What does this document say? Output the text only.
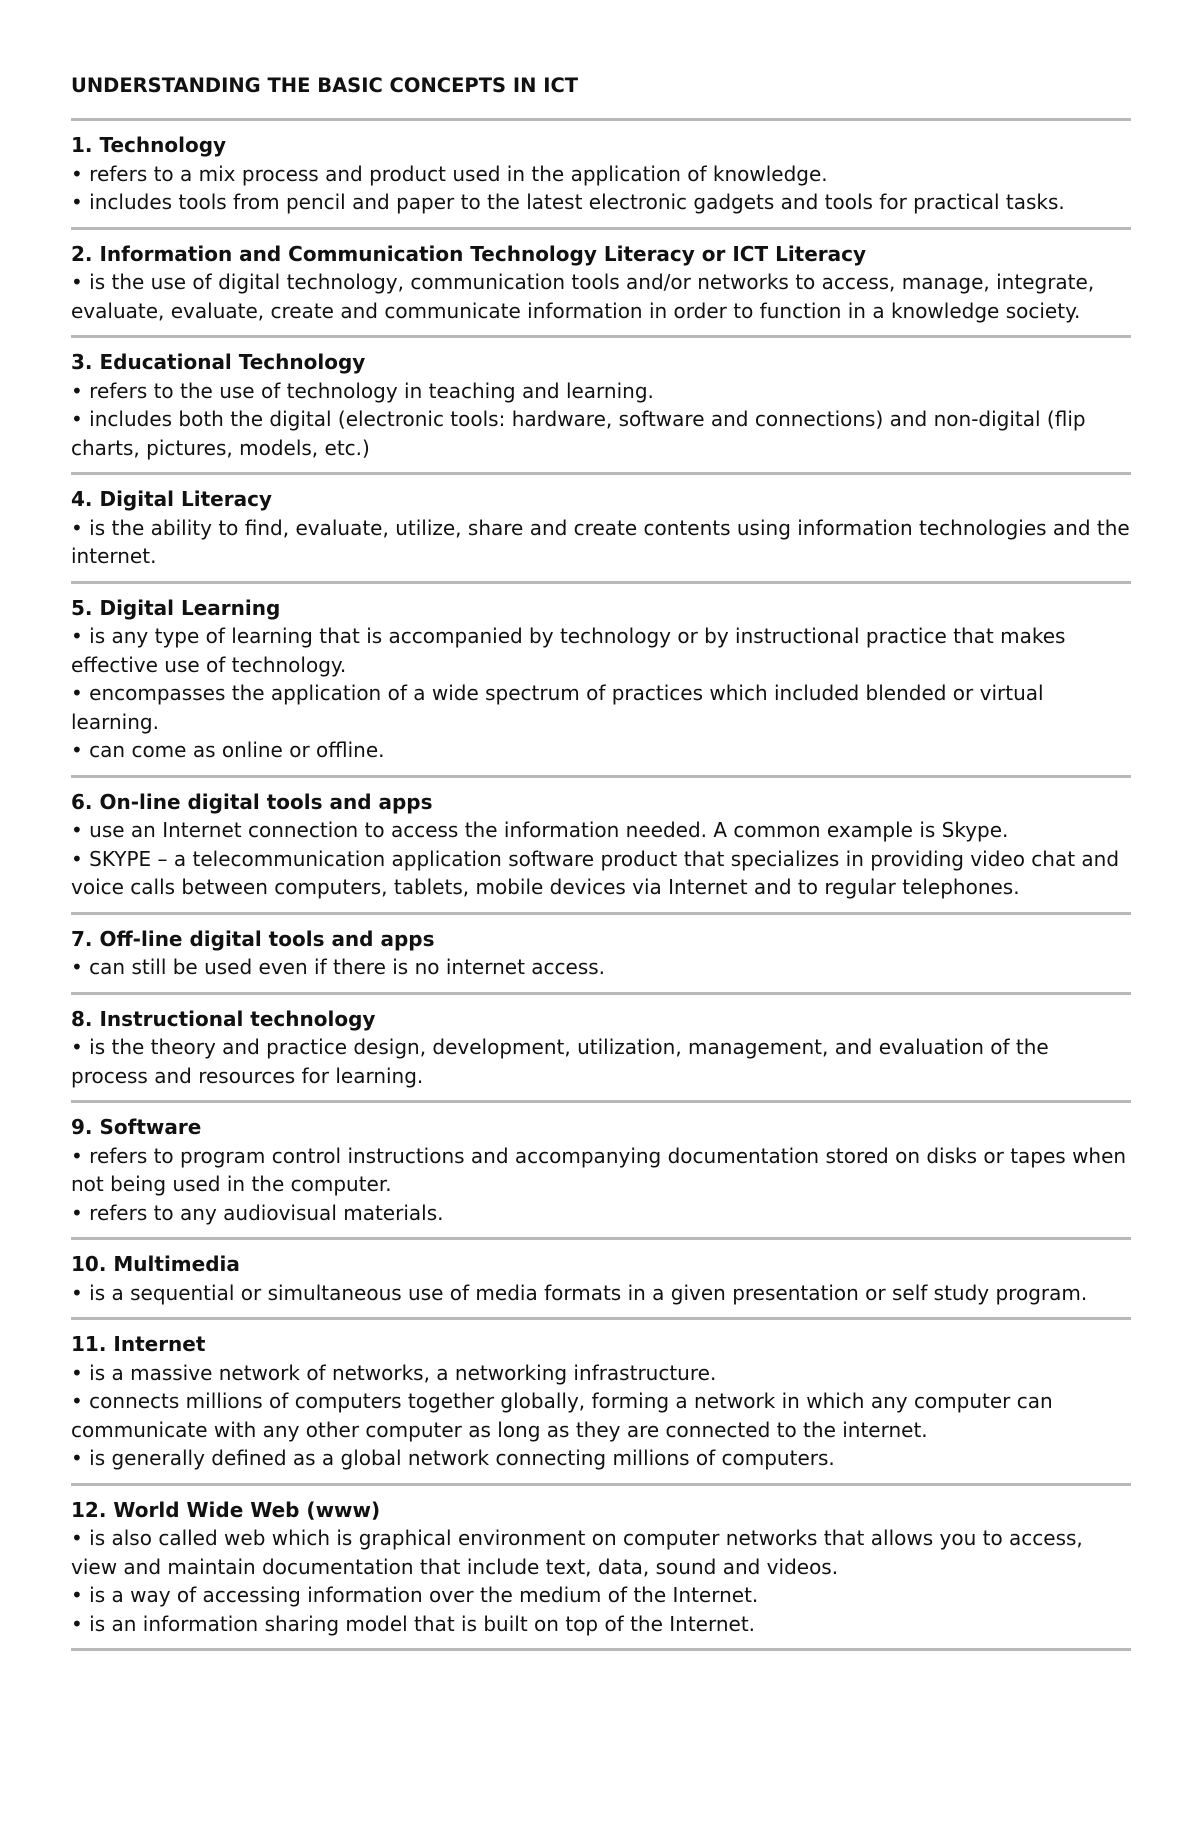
UNDERSTANDING THE BASIC CONCEPTS IN ICT
1. Technology
• refers to a mix process and product used in the application of knowledge.
• includes tools from pencil and paper to the latest electronic gadgets and tools for practical tasks.
2. Information and Communication Technology Literacy or ICT Literacy
• is the use of digital technology, communication tools and/or networks to access, manage, integrate, evaluate, evaluate, create and communicate information in order to function in a knowledge society.
3. Educational Technology
• refers to the use of technology in teaching and learning.
• includes both the digital (electronic tools: hardware, software and connections) and non-digital (flip charts, pictures, models, etc.)
4. Digital Literacy
• is the ability to find, evaluate, utilize, share and create contents using information technologies and the internet.
5. Digital Learning
• is any type of learning that is accompanied by technology or by instructional practice that makes effective use of technology.
• encompasses the application of a wide spectrum of practices which included blended or virtual learning.
• can come as online or offline.
6. On-line digital tools and apps
• use an Internet connection to access the information needed. A common example is Skype.
• SKYPE – a telecommunication application software product that specializes in providing video chat and voice calls between computers, tablets, mobile devices via Internet and to regular telephones.
7. Off-line digital tools and apps
• can still be used even if there is no internet access.
8. Instructional technology
• is the theory and practice design, development, utilization, management, and evaluation of the process and resources for learning.
9. Software
• refers to program control instructions and accompanying documentation stored on disks or tapes when not being used in the computer.
• refers to any audiovisual materials.
10. Multimedia
• is a sequential or simultaneous use of media formats in a given presentation or self study program.
11. Internet
• is a massive network of networks, a networking infrastructure.
• connects millions of computers together globally, forming a network in which any computer can communicate with any other computer as long as they are connected to the internet.
• is generally defined as a global network connecting millions of computers.
12. World Wide Web (www)
• is also called web which is graphical environment on computer networks that allows you to access, view and maintain documentation that include text, data, sound and videos.
• is a way of accessing information over the medium of the Internet.
• is an information sharing model that is built on top of the Internet.
